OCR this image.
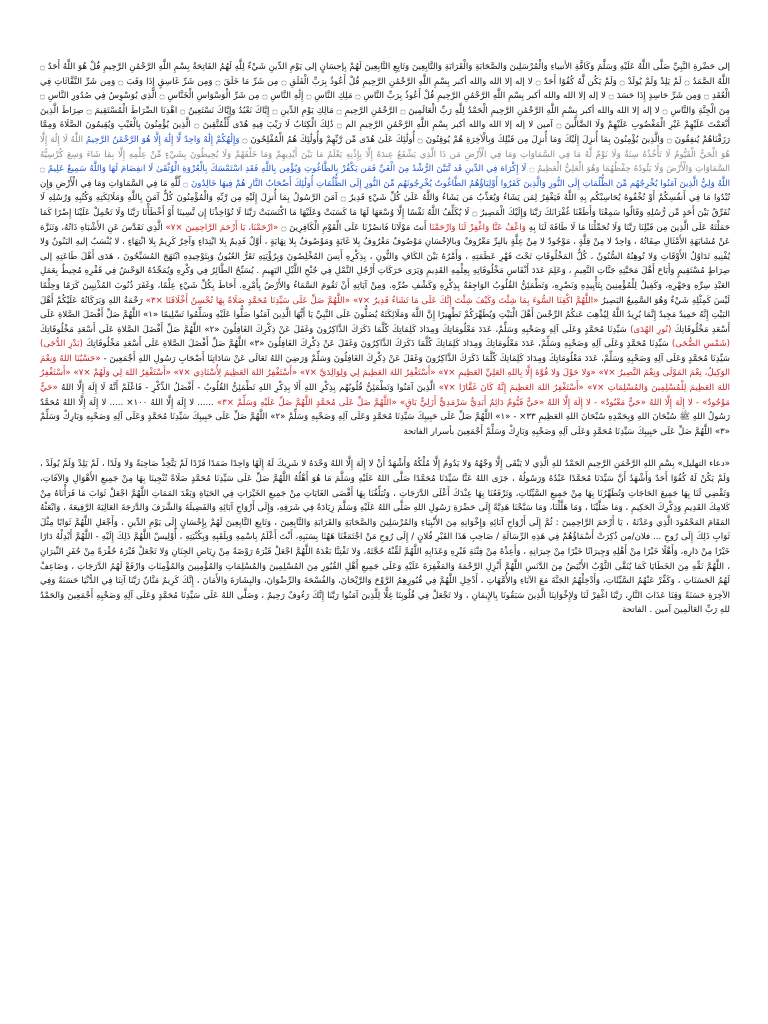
إلى حَضْرةِ النَّبِيِّ صَلَّى اللَّهُ عَلَيْهِ وَسَلَّمَ وَكَافَّةِ الأنبياءِ وَالْمُرْسَلِينَ وَالصَّحَابَةِ وَالْقَرَابَةِ وَالتَّابِعِينَ وَتَابِعِ التَّابِعِينَ لَهُمْ بِإحسَانٍ إلى يَوْمِ الدِّينِ شَيْءٌ لِلَّهِ لَهُمُ الفَاتِحَةُ بِسْمِ اللَّهِ الرَّحْمَٰنِ الرَّحِيمِ قُلْ هُوَ اللَّهُ أَحَدٌ ۝ اللَّهُ الصَّمَدُ ۝ لَمْ يَلِدْ وَلَمْ يُولَدْ ۝ وَلَمْ يَكُن لَّهُ كُفُوًا أَحَدٌ ۝ لا إله إلا الله والله أكبر بِسْمِ اللَّهِ الرَّحْمَٰنِ الرَّحِيمِ قُلْ أَعُوذُ بِرَبِّ الْفَلَقِ ۝ مِن شَرِّ مَا خَلَقَ ۝ وَمِن شَرِّ غَاسِقٍ إِذَا وَقَبَ ۝ وَمِن شَرِّ النَّفَّاثَاتِ فِي الْعُقَدِ ۝ وَمِن شَرِّ حَاسِدٍ إِذَا حَسَدَ ۝ لا إله إلا الله والله أكبر بِسْمِ اللَّهِ الرَّحْمَٰنِ الرَّحِيمِ قُلْ أَعُوذُ بِرَبِّ النَّاسِ ۝ مَلِكِ النَّاسِ ۝ إِلَٰهِ النَّاسِ ۝ مِن شَرِّ الْوَسْوَاسِ الْخَنَّاسِ ۝ الَّذِي يُوَسْوِسُ فِي صُدُورِ النَّاسِ ۝ مِنَ الْجِنَّةِ وَالنَّاسِ ۝ لا إله إلا الله والله أكبر بِسْمِ اللَّهِ الرَّحْمَٰنِ الرَّحِيمِ الْحَمْدُ لِلَّهِ رَبِّ الْعَالَمِينَ ۝ الرَّحْمَٰنِ الرَّحِيمِ ۝ مَالِكِ يَوْمِ الدِّينِ ۝ إِيَّاكَ نَعْبُدُ وَإِيَّاكَ نَسْتَعِينُ ۝ اهْدِنَا الصِّرَاطَ الْمُسْتَقِيمَ ۝ صِرَاطَ الَّذِينَ أَنْعَمْتَ عَلَيْهِمْ غَيْرِ الْمَغْضُوبِ عَلَيْهِمْ وَلَا الضَّالِّينَ ۝ آمين لا إله إلا الله والله أكبر بِسْمِ اللَّهِ الرَّحْمَٰنِ الرَّحِيمِ الم ۝ ذَٰلِكَ الْكِتَابُ لَا رَيْبَ فِيهِ هُدًى لِّلْمُتَّقِينَ ۝ الَّذِينَ يُؤْمِنُونَ بِالْغَيْبِ وَيُقِيمُونَ الصَّلَاةَ وَمِمَّا رَزَقْنَاهُمْ يُنفِقُونَ ۝ وَالَّذِينَ يُؤْمِنُونَ بِمَا أُنزِلَ إِلَيْكَ وَمَا أُنزِلَ مِن قَبْلِكَ وَبِالْآخِرَةِ هُمْ يُوقِنُونَ ۝ أُولَٰئِكَ عَلَىٰ هُدًى مِّن رَّبِّهِمْ وَأُولَٰئِكَ هُمُ الْمُفْلِحُونَ ۝ وَإِلَٰهُكُمْ إِلَٰهٌ وَاحِدٌ لَّا إِلَٰهَ إِلَّا هُوَ الرَّحْمَٰنُ الرَّحِيمُ اللَّهُ لَا إِلَٰهَ إِلَّا هُوَ الْحَيُّ الْقَيُّومُ لَا تَأْخُذُهُ سِنَةٌ وَلَا نَوْمٌ لَّهُ مَا فِي السَّمَاوَاتِ وَمَا فِي الْأَرْضِ مَن ذَا الَّذِي يَشْفَعُ عِندَهُ إِلَّا بِإِذْنِهِ يَعْلَمُ مَا بَيْنَ أَيْدِيهِمْ وَمَا خَلْفَهُمْ وَلَا يُحِيطُونَ بِشَيْءٍ مِّنْ عِلْمِهِ إِلَّا بِمَا شَاءَ وَسِعَ كُرْسِيُّهُ السَّمَاوَاتِ وَالْأَرْضَ وَلَا يَئُودُهُ حِفْظُهُمَا وَهُوَ الْعَلِيُّ الْعَظِيمُ ۝ لَا إِكْرَاهَ فِي الدِّينِ قَد تَّبَيَّنَ الرُّشْدُ مِنَ الْغَيِّ فَمَن يَكْفُرْ بِالطَّاغُوتِ وَيُؤْمِن بِاللَّهِ فَقَدِ اسْتَمْسَكَ بِالْعُرْوَةِ الْوُثْقَىٰ لَا انفِصَامَ لَهَا وَاللَّهُ سَمِيعٌ عَلِيمٌ ۝ اللَّهُ وَلِيُّ الَّذِينَ آمَنُوا يُخْرِجُهُم مِّنَ الظُّلُمَاتِ إِلَى النُّورِ وَالَّذِينَ كَفَرُوا أَوْلِيَاؤُهُمُ الطَّاغُوتُ يُخْرِجُونَهُم مِّنَ النُّورِ إِلَى الظُّلُمَاتِ أُولَٰئِكَ أَصْحَابُ النَّارِ هُمْ فِيهَا خَالِدُونَ ۝ لِّلَّهِ مَا فِي السَّمَاوَاتِ وَمَا فِي الْأَرْضِ وَإِن تُبْدُوا مَا فِي أَنفُسِكُمْ أَوْ تُخْفُوهُ يُحَاسِبْكُم بِهِ اللَّهُ فَيَغْفِرُ لِمَن يَشَاءُ وَيُعَذِّبُ مَن يَشَاءُ وَاللَّهُ عَلَىٰ كُلِّ شَيْءٍ قَدِيرٌ ۝ آمَنَ الرَّسُولُ بِمَا أُنزِلَ إِلَيْهِ مِن رَّبِّهِ وَالْمُؤْمِنُونَ كُلٌّ آمَنَ بِاللَّهِ وَمَلَائِكَتِهِ وَكُتُبِهِ وَرُسُلِهِ لَا نُفَرِّقُ بَيْنَ أَحَدٍ مِّن رُّسُلِهِ وَقَالُوا سَمِعْنَا وَأَطَعْنَا غُفْرَانَكَ رَبَّنَا وَإِلَيْكَ الْمَصِيرُ ۝ لَا يُكَلِّفُ اللَّهُ نَفْسًا إِلَّا وُسْعَهَا لَهَا مَا كَسَبَتْ وَعَلَيْهَا مَا اكْتَسَبَتْ رَبَّنَا لَا تُؤَاخِذْنَا إِن نَّسِينَا أَوْ أَخْطَأْنَا رَبَّنَا وَلَا تَحْمِلْ عَلَيْنَا إِصْرًا كَمَا حَمَلْتَهُ عَلَى الَّذِينَ مِن قَبْلِنَا رَبَّنَا وَلَا تُحَمِّلْنَا مَا لَا طَاقَةَ لَنَا بِهِ وَاعْفُ عَنَّا وَاغْفِرْ لَنَا وَارْحَمْنَا أَنتَ مَوْلَانَا فَانصُرْنَا عَلَى الْقَوْمِ الْكَافِرِينَ ۝ «ارْحَمْنَا، يَا أَرْحَمَ الرَّاحِمِينَ ×٧» الَّذِي تَقَدَّسَ عَنِ الأَشْبَاهِ ذَاتُهُ، وَتَنَزَّهَ عَنْ مُشَابَهَةِ الأَمْثَالِ صِفَاتُهُ ، وَاحِدٌ لا مِنْ قِلَّةٍ ، مَوْجُودٌ لا مِنْ عِلَّةٍ بالبِرِّ مَعْرُوفٌ وَبالإحْسَانِ مَوْصُوفٌ مَعْرُوفٌ بِلا غَايَةٍ وَمَوْصُوفٌ بِلا نِهَايَةٍ ، أوَّلٌ قَدِيمٌ بِلا ابْتِدَاءٍ وَآخِرٌ كَرِيمٌ بِلا انْتِهَاءٍ ، لا يُنْسَبُ إليهِ البَنُونُ وَلا يُفْنِيهِ تَدَاوُلُ الأَوْقَاتِ وَلا تُوهِنُهُ السُّنُونُ ، كُلُّ المَخْلُوقَاتِ تَحْتَ قَهْرِ عَظَمَتِهِ ، وَأَمْرُهُ بَيْنَ الكَافِ وَالنُّونِ ، بِذِكْرِهِ أَنِسَ المُخْلِصُونَ وَبِرُؤْيَتِهِ تَقَرُّ العُيُونُ وَبِتَوْحِيدِهِ ابْتَهَجَ المُسَبِّحُونَ ، هَدَى أَهْلَ طَاعَتِهِ إلى صِرَاطٍ مُسْتَقِيمٍ وَأَبَاحَ أَهْلَ مَحَبَّتِهِ جَنَّاتِ النَّعِيمِ ، وَعَلِمَ عَدَدَ أَنْفَاسِ مَخْلُوقَاتِهِ بِعِلْمِهِ القَدِيمِ وَيَرَى حَرَكَاتِ أَرْجُلِ النَّمْلِ فِي جُنْحِ اللَّيْلِ البَهِيمِ . يُسَبِّحُ الطَّائِرُ فِي وَكْرِهِ وَيُمَجِّدُهُ الوَحْشُ فِي قَفْرِهِ مُحِيطٌ بِعَمَلِ العَبْدِ سِرِّهِ وَجَهْرِهِ، وَكَفِيلٌ لِلْمُؤْمِنِينَ بِتَأْيِيدِهِ وَنَصْرِهِ، وَتَطْمَئِنُّ القُلُوبُ الوَاجِفَةُ بِذِكْرِهِ وَكَشْفِ ضُرِّهِ. وَمِنْ آيَاتِهِ أَنْ تَقُومَ السَّمَاءُ وَالأَرْضُ بِأَمْرِهِ. أَحَاطَ بِكُلِّ شَيْءٍ عِلْمًا، وَغَفَرَ ذُنُوبَ المُذْنِبِينَ كَرَمًا وَحِلْمًا لَيْسَ كَمِثْلِهِ شَيْءٌ وَهُوَ السَّمِيعُ البَصِيرُ «اللَّهُمَّ اكْفِنَا السُّوءَ بِمَا شِئْتَ وَكَيْفَ شِئْتَ إِنَّكَ عَلَى مَا تَشَاءُ قَدِيرٌ ×٧» «اللَّهُمَّ صَلِّ عَلَى سَيِّدِنَا مُحَمَّدٍ صَلَاةً بِهَا تُحْسِنُ أَخْلَاقَنَا ×٣» رَحْمَةُ اللهِ وَبَرَكَاتُهُ عَلَيْكُمْ أَهْلَ البَيْتِ إِنَّهُ حَمِيدٌ مَجِيدٌ إِنَّمَا يُرِيدُ اللَّهُ لِيُذْهِبَ عَنكُمُ الرِّجْسَ أَهْلَ الْبَيْتِ وَيُطَهِّرَكُمْ تَطْهِيرًا إِنَّ اللَّهَ وَمَلَائِكَتَهُ يُصَلُّونَ عَلَى النَّبِيِّ يَا أَيُّهَا الَّذِينَ آمَنُوا صَلُّوا عَلَيْهِ وَسَلِّمُوا تَسْلِيمًا «١» اللَّهُمَّ صَلِّ أَفْضَلَ الصَّلاةِ عَلَى أَسْعَدِ مَخْلُوقَاتِكَ (نُورِ الهُدَى) سَيِّدِنَا مُحَمَّدٍ وَعَلَى آلِهِ وَصَحْبِهِ وَسَلِّمْ، عَدَدَ مَعْلُومَاتِكَ وَمِدَادَ كَلِمَاتِكَ كُلَّمَا ذَكَرَكَ الذَّاكِرُونَ وَغَفَلَ عَنْ ذِكْرِكَ الغَافِلُونَ «٢» اللَّهُمَّ صَلِّ أَفْضَلَ الصَّلاةِ عَلَى أَسْعَدِ مَخْلُوقَاتِكَ (شَمْسِ الضُّحَى) سَيِّدِنَا مُحَمَّدٍ وَعَلَى آلِهِ وَصَحْبِهِ وَسَلِّمْ، عَدَدَ مَعْلُومَاتِكَ وَمِدَادَ كَلِمَاتِكَ كُلَّمَا ذَكَرَكَ الذَّاكِرُونَ وَغَفَلَ عَنْ ذِكْرِكَ الغَافِلُونَ «٣» اللَّهُمَّ صَلِّ أَفْضَلَ الصَّلاةِ عَلَى أَسْعَدِ مَخْلُوقَاتِكَ (بَدْرِ الدُّجَى) سَيِّدِنَا مُحَمَّدٍ وَعَلَى آلِهِ وَصَحْبِهِ وَسَلِّمْ، عَدَدَ مَعْلُومَاتِكَ وَمِدَادَ كَلِمَاتِكَ كُلَّمَا ذَكَرَكَ الذَّاكِرُونَ وَغَفَلَ عَنْ ذِكْرِكَ الغَافِلُونَ وَسَلِّمْ وَرَضِيَ اللهُ تَعَالَى عَنْ سَادَاتِنَا أَصْحَابِ رَسُولِ اللهِ أَجْمَعِينَ - «حَسْبُنَا اللهُ وَنِعْمَ الوَكِيلُ، نِعْمَ المَوْلَى وَنِعْمَ النَّصِيرُ ×٧» «وَلا حَوْلَ وَلا قُوَّةَ إِلَّا بِاللهِ العَلِيِّ العَظِيمِ ×٧» «أَسْتَغْفِرُ اللهَ العَظِيمَ لِي وَلِوَالِدَيَّ ×٧» «أَسْتَغْفِرُ اللهَ العَظِيمَ لِأُسْتَاذِي ×٧» «أَسْتَغْفِرُ اللهَ لِي وَلَهُمْ ×٧» «أَسْتَغْفِرُ اللهَ العَظِيمَ لِلْمُسْلِمِينَ وَالمُسْلِمَاتِ ×٧» «أَسْتَغْفِرُ اللهَ العَظِيمَ إِنَّهُ كَانَ غَفَّارًا ×٧» الَّذِينَ آمَنُوا وَتَطْمَئِنُّ قُلُوبُهُم بِذِكْرِ اللهِ أَلَا بِذِكْرِ اللهِ تَطْمَئِنُّ القُلُوبُ - أَفْضَلُ الذِّكْرِ - فَاعْلَمْ أَنَّهُ لَا إِلَهَ إِلَّا اللهُ «حَيٌّ مَوْجُودٌ» - لا إِلَهَ إِلَّا اللهُ «حَيٌّ مَعْبُودٌ» - لا إِلَهَ إِلَّا اللهُ «حَيٌّ قَيُّومٌ دَائِمٌ أَبَدِيٌّ سَرْمَدِيٌّ أَزَلِيٌّ بَاقٍ» «اللَّهُمَّ صَلِّ عَلَى مُحَمَّدٍ اللَّهُمَّ صَلِّ عَلَيْهِ وَسَلِّمْ ×٣» ...... لا إِلَهَ إِلَّا اللهُ ١٠٠× ..... لا إِلَهَ إِلَّا اللهُ مُحَمَّدٌ رَسُولُ اللهِ ﷺ سُبْحَانَ اللهِ وَبِحَمْدِهِ سُبْحَانَ اللهِ العَظِيمِ ٣٣× - «١» اللَّهُمَّ صَلِّ عَلَى حَبِيبِكَ سَيِّدِنَا مُحَمَّدٍ وَعَلَى آلِهِ وَصَحْبِهِ وَسَلِّمْ «٢» اللَّهُمَّ صَلِّ عَلَى حَبِيبِكَ سَيِّدِنَا مُحَمَّدٍ وَعَلَى آلِهِ وَصَحْبِهِ وَبَارِكْ وَسَلِّمْ «٣» اللَّهُمَّ صَلِّ عَلَى حَبِيبِكَ سَيِّدِنَا مُحَمَّدٍ وَعَلَى آلِهِ وَصَحْبِهِ وَبَارِكْ وَسَلِّمْ أَجْمَعِينَ بأسرار الفاتحة

«دعاء التهليل» بِسْمِ اللهِ الرَّحْمَنِ الرَّحِيمِ الحَمْدُ للهِ الَّذِي لا يَبْقَى إِلَّا وَجْهُهُ وَلا يَدُومُ إِلَّا مُلْكُهُ وَأَشْهَدُ أَنْ لا إِلَهَ إِلَّا اللهُ وَحْدَهُ لا شَرِيكَ لَهُ إِلَهًا وَاحِدًا صَمَدًا فَرْدًا لَمْ يَتَّخِذْ صَاحِبَةً وَلا وَلَدًا ، لَمْ يَلِدْ وَلَمْ يُولَدْ ، وَلَمْ يَكُنْ لَهُ كُفُوًا أَحَدٌ وَأَشْهَدُ أَنَّ سَيِّدَنَا مُحَمَّدًا عَبْدُهُ وَرَسُولُهُ ، جَزَى اللهُ عَنَّا سَيِّدَنَا مُحَمَّدًا صَلَّى اللهُ عَلَيْهِ وَسَلَّمَ مَا هُوَ أَهْلُهُ اللَّهُمَّ صَلِّ عَلَى سَيِّدِنَا مُحَمَّدٍ صَلَاةً تُنْجِينَا بِهَا مِنْ جَمِيعِ الأَهْوَالِ وَالآفَاتِ، وَتَقْضِي لَنَا بِهَا جَمِيعَ الحَاجَاتِ وَتُطَهِّرُنَا بِهَا مِنْ جَمِيعِ السَّيِّئَاتِ، وَتَرْفَعُنَا بِهَا عِنْدَكَ أَعْلَى الدَّرَجَاتِ ، وَتُبَلِّغُنَا بِهَا أَقْصَى الغَايَاتِ مِنْ جَمِيعِ الخَيْرَاتِ فِي الحَيَاةِ وَبَعْدَ المَمَاتِ اللَّهُمَّ اجْعَلْ ثَوَابَ مَا قَرَأْنَاهُ مِنْ كَلامِكَ القَدِيمِ وَذِكْرِكَ الحَكِيمِ ، وَمَا صَلَّيْنَا ، وَمَا هَلَّلْنَا، وَمَا سَبَّحْنَا هَدِيَّةً إِلَى حَضْرَةِ رَسُولِ اللهِ صَلَّى اللهُ عَلَيْهِ وَسَلَّمَ زِيَادَةً فِي شَرَفِهِ، وَإِلَى أَرْوَاحِ آبَائِهِ وَالفَضِيلَةَ وَالشَّرَفَ وَالدَّرَجَةَ العَالِيَةَ الرَّفِيعَةَ ، وَابْعَثْهُ المَقَامَ المَحْمُودَ الَّذِي وَعَدْتَهُ ، يَا أَرْحَمَ الرَّاحِمِينَ : ثُمَّ إِلَى أَرْوَاحِ آبَائِهِ وَإِخْوَانِهِ مِنَ الأَنْبِيَاءِ وَالمُرْسَلِينَ وَالصَّحَابَةِ وَالقَرَابَةِ وَالتَّابِعِينَ ، وَتَابِعِ التَّابِعِينَ لَهُمْ بِإِحْسَانٍ إِلَى يَوْمِ الدِّينِ ، وَأَجْعَلِ اللَّهُمَّ ثَوَابًا مِثْلَ ثَوَابِ ذَلِكَ إِلَى رُوحِ ... فلان/من ذُكِرَتْ أَسْمَاؤُهُمْ فِي هَذِهِ الرِّسَالَةِ / صَاحِبِ هَذَا القَبْرِ فُلانٍ / إِلَى رُوحِ مَنْ اجْتَمَعْنَا هَهُنَا بِسَبَبِهِ، أَنْتَ أَعْلَمُ بِاسْمِهِ وَبِلَقَبِهِ وَبِكُنْيَتِهِ ، أُوْلِيسْ اللَّهُمَّ ذَلِكَ إِلَيْهِ - اللَّهُمَّ أَبْدِلْهُ دَارًا خَيْرًا مِنْ دَارِهِ، وَأَهْلًا خَيْرًا مِنْ أَهْلِهِ وَجِيرَانًا خَيْرًا مِنْ جِيرَانِهِ ، وَأَعِذْهُ مِنْ فِتْنَةِ قَبْرِهِ وَعَذَابِهِ اللَّهُمَّ لَقِّنْهُ حُجَّتَهُ، وَلا تَفْتِنَّا بَعْدَهُ اللَّهُمَّ اجْعَلْ قَبْرَهُ رَوْضَةً مِنْ رِيَاضِ الجِنَانِ وَلا تَجْعَلْ قَبْرَهُ حُفْرَةً مِنْ حُفَرِ النِّيرَانِ ، اللَّهُمَّ نَقِّهِ مِنَ الخَطَايَا كَمَا يُنَقَّى الثَّوْبُ الأَبْيَضُ مِنَ الدَّنَسِ اللَّهُمَّ أَنْزِلِ الرَّحْمَةَ وَالمَغْفِرَةَ عَلَيْهِ وَعَلَى جَمِيعِ أَهْلِ القُبُورِ مِنَ المُسْلِمِينَ وَالمُسْلِمَاتِ وَالمُؤْمِنِينَ وَالمُؤْمِنَاتِ وَارْفَعْ لَهُمُ الدَّرَجَاتِ ، وَضَاعِفْ لَهُمُ الحَسَنَاتِ ، وَكَفِّرْ عَنْهُمُ السَّيِّئَاتِ، وَأَدْخِلْهُمُ الجَنَّةَ مَعَ الآبَاءِ وَالأُمَّهَاتِ ، أَدْخِلِ اللَّهُمَّ فِي قُبُورِهِمُ الرَّوْحَ وَالرَّيْحَانَ، وَالفُسْحَةَ وَالرِّضْوَانَ، وَالبِشَارَةَ وَالأَمَانَ ، إِنَّكَ كَرِيمٌ مَنَّانٌ رَبَّنَا آتِنَا فِي الدُّنْيَا حَسَنَةً وَفِي الآخِرَةِ حَسَنَةً وَقِنَا عَذَابَ النَّارِ، رَبَّنَا اغْفِرْ لَنَا وَلإِخْوَانِنَا الَّذِينَ سَبَقُونَا بِالإِيمَانِ ، وَلا تَجْعَلْ فِي قُلُوبِنَا غِلًّا لِلَّذِينَ آمَنُوا رَبَّنَا إِنَّكَ رَءُوفٌ رَحِيمٌ ، وَصَلَّى اللهُ عَلَى سَيِّدِنَا مُحَمَّدٍ وَعَلَى آلِهِ وَصَحْبِهِ أَجْمَعِينَ وَالحَمْدُ للهِ رَبِّ العَالَمِينَ آمين . الفاتحة
